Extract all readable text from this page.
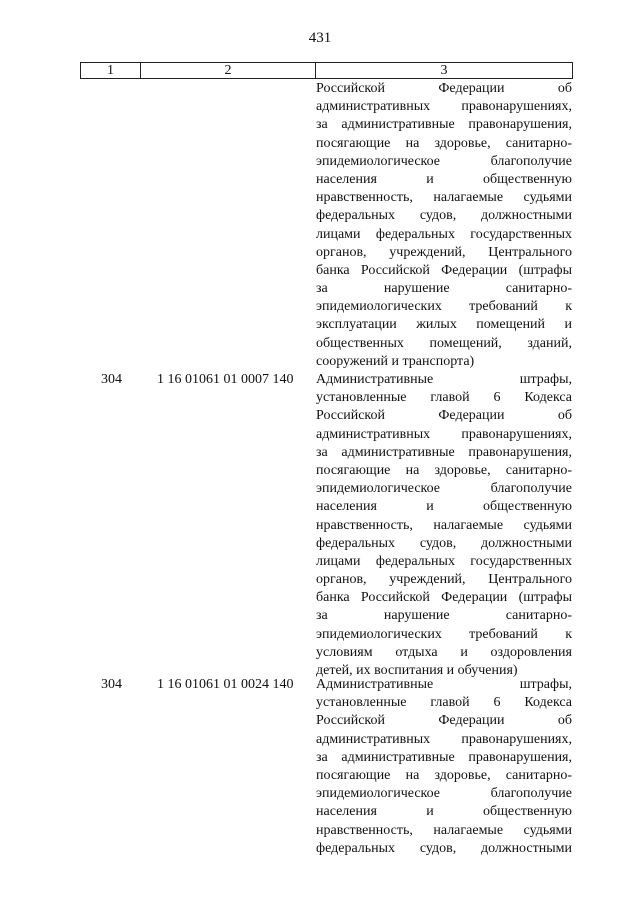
431
1	2	3
Российской Федерации об
административных правонарушениях,
за административные правонарушения,
посягающие на здоровье, санитарно-
эпидемиологическое благополучие
населения и общественную
нравственность, налагаемые судьями
федеральных судов, должностными
лицами федеральных государственных
органов, учреждений, Центрального
банка Российской Федерации (штрафы
за нарушение санитарно-
эпидемиологических требований к
эксплуатации жилых помещений и
общественных помещений, зданий,
сооружений и транспорта)
304	1 16 01061 01 0007 140 Административные штрафы,
установленные главой 6 Кодекса
Российской Федерации об
административных правонарушениях,
за административные правонарушения,
посягающие на здоровье, санитарно-
эпидемиологическое благополучие
населения и общественную
нравственность, налагаемые судьями
федеральных судов, должностными
лицами федеральных государственных
органов, учреждений, Центрального
банка Российской Федерации (штрафы
за нарушение санитарно-
эпидемиологических требований к
условиям отдыха и оздоровления
детей, их воспитания и обучения)
304	1 16 01061 01 0024 140 Административные штрафы,
установленные главой 6 Кодекса
Российской Федерации об
административных правонарушениях,
за административные правонарушения,
посягающие на здоровье, санитарно-
эпидемиологическое благополучие
населения и общественную
нравственность, налагаемые судьями
федеральных судов, должностными
